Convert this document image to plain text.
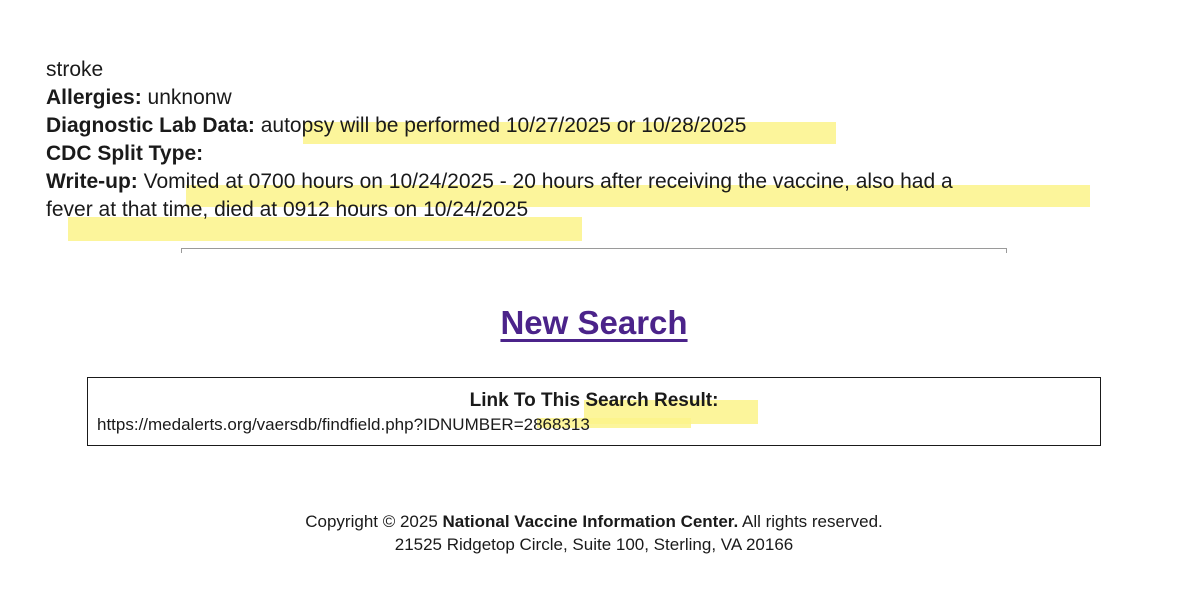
stroke
Allergies: unknonw
Diagnostic Lab Data: autopsy will be performed 10/27/2025 or 10/28/2025
CDC Split Type:
Write-up: Vomited at 0700 hours on 10/24/2025 - 20 hours after receiving the vaccine, also had a
fever at that time, died at 0912 hours on 10/24/2025
New Search
Link To This Search Result:
https://medalerts.org/vaersdb/findfield.php?IDNUMBER=2868313
Copyright © 2025 National Vaccine Information Center. All rights reserved.
21525 Ridgetop Circle, Suite 100, Sterling, VA 20166
